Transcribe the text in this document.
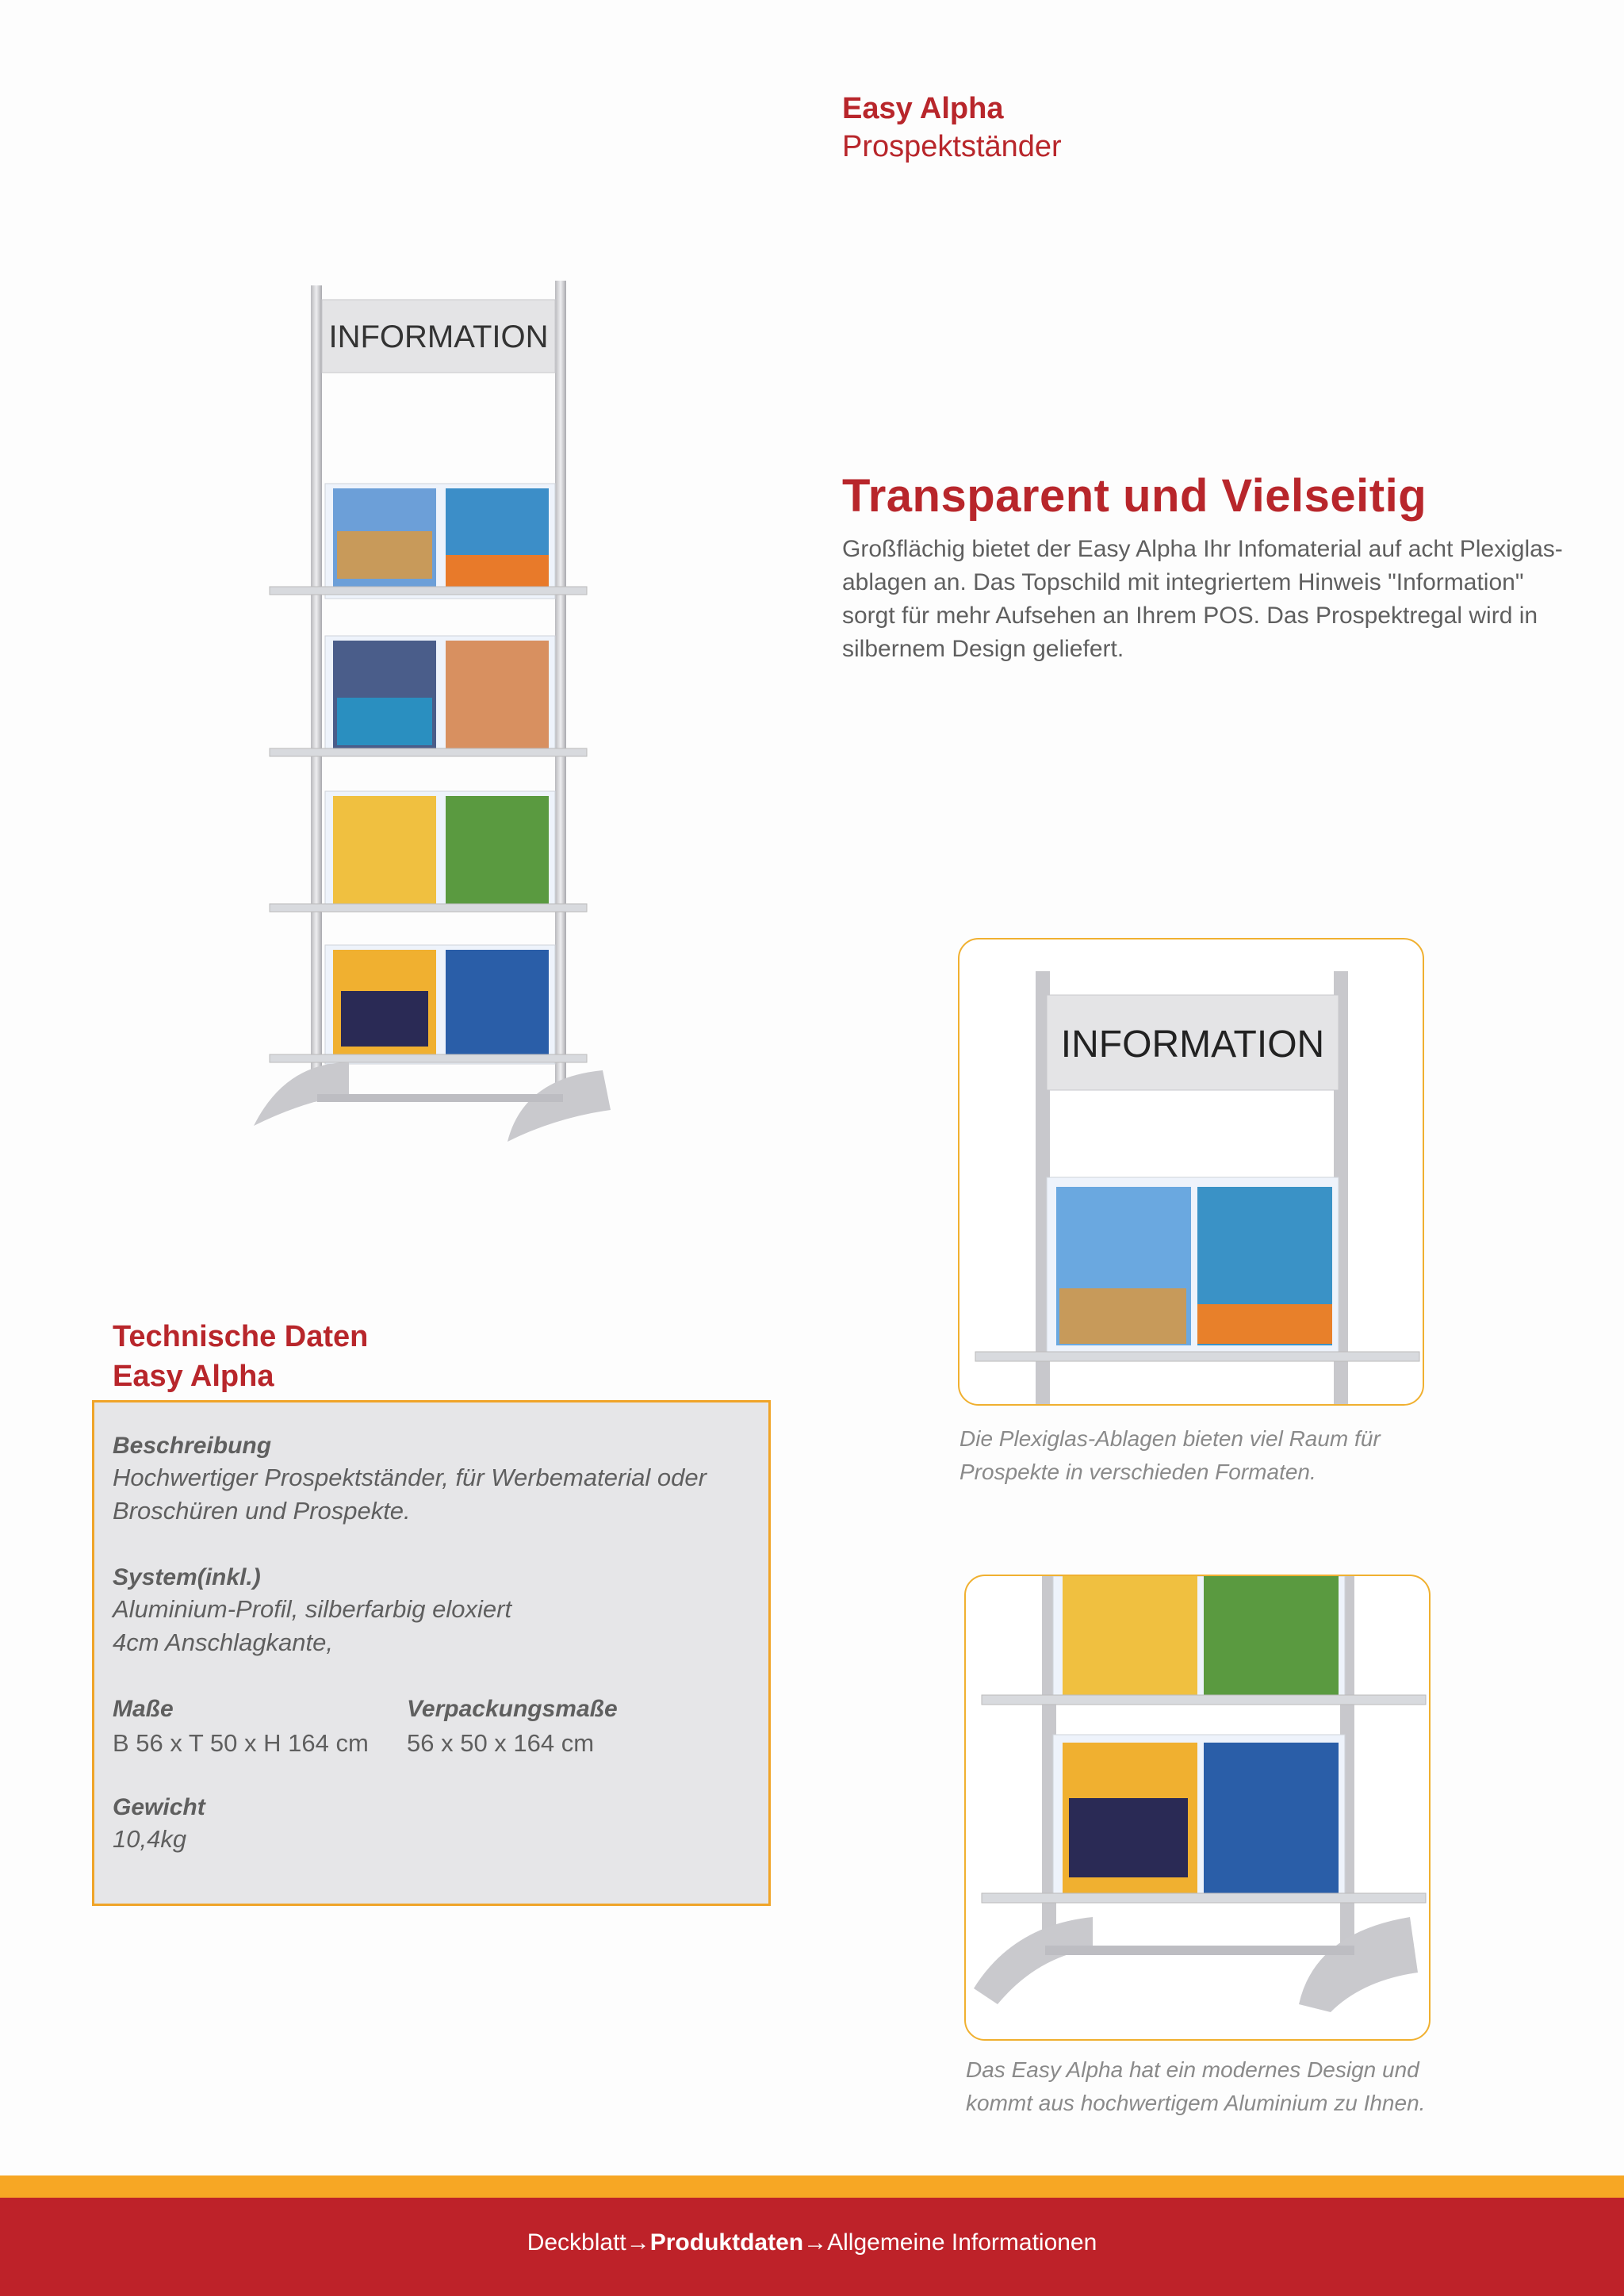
Easy Alpha
Prospektständer
INFORMATION
Transparent und Vielseitig
Großflächig bietet der Easy Alpha Ihr Infomaterial auf acht Plexiglas-ablagen an. Das Topschild mit integriertem Hinweis "Information" sorgt für mehr Aufsehen an Ihrem POS. Das Prospektregal wird in silbernem Design geliefert.
INFORMATION
Die Plexiglas-Ablagen bieten viel Raum für Prospekte in verschieden Formaten.
Das Easy Alpha hat ein modernes Design und kommt aus hochwertigem Aluminium zu Ihnen.
Technische Daten
Easy Alpha
Beschreibung
Hochwertiger Prospektständer, für Werbematerial oder
Broschüren und Prospekte.
System(inkl.)
Aluminium-Profil, silberfarbig eloxiert
4cm Anschlagkante,
Maße
B 56 x T 50 x H 164 cm
Verpackungsmaße
56 x 50 x 164 cm
Gewicht
10,4kg
Deckblatt→Produktdaten→Allgemeine Informationen
